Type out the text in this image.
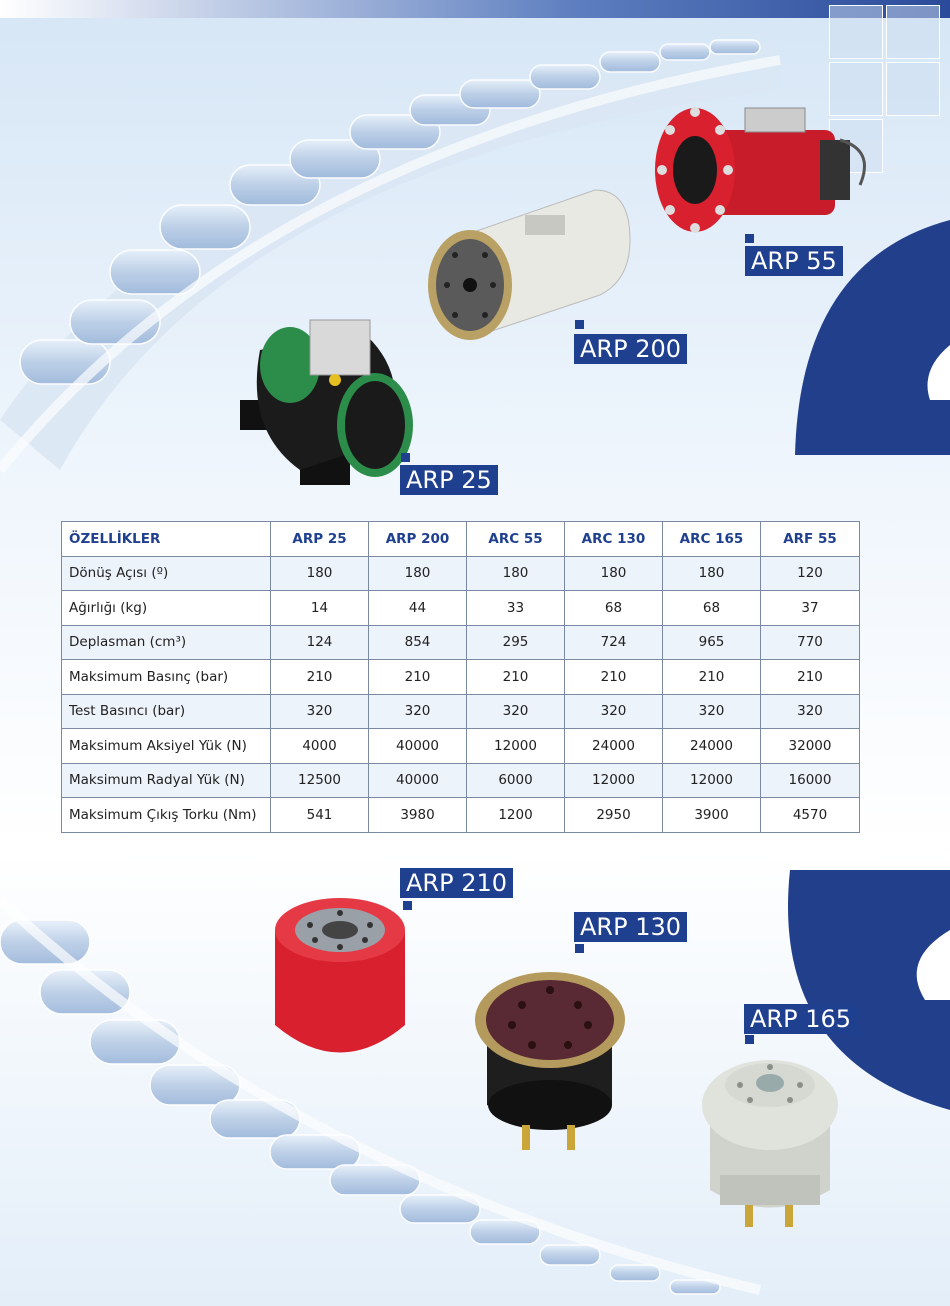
ARP 55
ARP 200
ARP 25
ÖZELLİKLER	ARP 25	ARP 200	ARC 55	ARC 130	ARC 165	ARF 55
Dönüş Açısı (º)	180	180	180	180	180	120
Ağırlığı (kg)	14	44	33	68	68	37
Deplasman (cm³)	124	854	295	724	965	770
Maksimum Basınç (bar)	210	210	210	210	210	210
Test Basıncı (bar)	320	320	320	320	320	320
Maksimum Aksiyel Yük (N)	4000	40000	12000	24000	24000	32000
Maksimum Radyal Yük (N)	12500	40000	6000	12000	12000	16000
Maksimum Çıkış Torku (Nm)	541	3980	1200	2950	3900	4570
ARP 210
ARP 130
ARP 165
